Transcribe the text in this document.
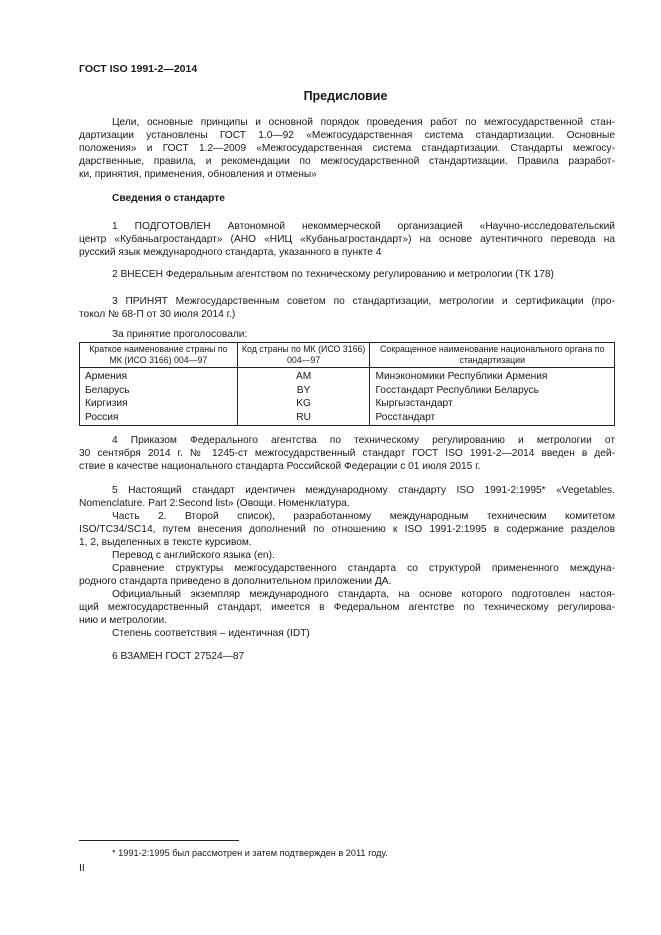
ГОСТ ISO 1991-2—2014
Предисловие
Цели, основные принципы и основной порядок проведения работ по межгосударственной стан-
дартизации установлены ГОСТ 1.0—92 «Межгосударственная система стандартизации. Основные
положения» и ГОСТ 1.2—2009 «Межгосударственная система стандартизации. Стандарты межгосу-
дарственные, правила, и рекомендации по межгосударственной стандартизации. Правила разработ-
ки, принятия, применения, обновления и отмены»
Сведения о стандарте
1 ПОДГОТОВЛЕН Автономной некоммерческой организацией «Научно-исследовательский
центр «Кубаньагростандарт» (АНО «НИЦ «Кубаньагростандарт») на основе аутентичного перевода на
русский язык международного стандарта, указанного в пункте 4
2 ВНЕСЕН Федеральным агентством по техническому регулированию и метрологии (ТК 178)
3 ПРИНЯТ Межгосударственным советом по стандартизации, метрологии и сертификации (про-
токол № 68-П от 30 июля 2014 г.)
За принятие проголосовали:
Краткое наименование страны по МК (ИСО 3166) 004—97	Код страны по МК (ИСО 3166) 004—97	Сокращенное наименование национального органа по стандартизации
Армения	AM	Минэкономики Республики Армения
Беларусь	BY	Госстандарт Республики Беларусь
Киргизия	KG	Кыргызстандарт
Россия	RU	Росстандарт
4 Приказом Федерального агентства по техническому регулированию и метрологии от
30 сентября 2014 г. № 1245-ст межгосударственный стандарт ГОСТ ISO 1991-2—2014 введен в дей-
ствие в качестве национального стандарта Российской Федерации с 01 июля 2015 г.
5 Настоящий стандарт идентичен международному стандарту ISO 1991-2:1995* «Vegetables.
Nomenclature. Part 2:Second list» (Овощи. Номенклатура.
Часть 2. Второй список), разработанному международным техническим комитетом
ISO/TC34/SC14, путем внесения дополнений по отношению к ISO 1991-2:1995 в содержание разделов
1, 2, выделенных в тексте курсивом.
Перевод с английского языка (en).
Сравнение структуры межгосударственного стандарта со структурой примененного междуна-
родного стандарта приведено в дополнительном приложении ДА.
Официальный экземпляр международного стандарта, на основе которого подготовлен настоя-
щий межгосударственный стандарт, имеется в Федеральном агентстве по техническому регулирова-
нию и метрологии.
Степень соответствия – идентичная (IDT)
6 ВЗАМЕН ГОСТ 27524—87
* 1991-2:1995 был рассмотрен и затем подтвержден в 2011 году.
II
